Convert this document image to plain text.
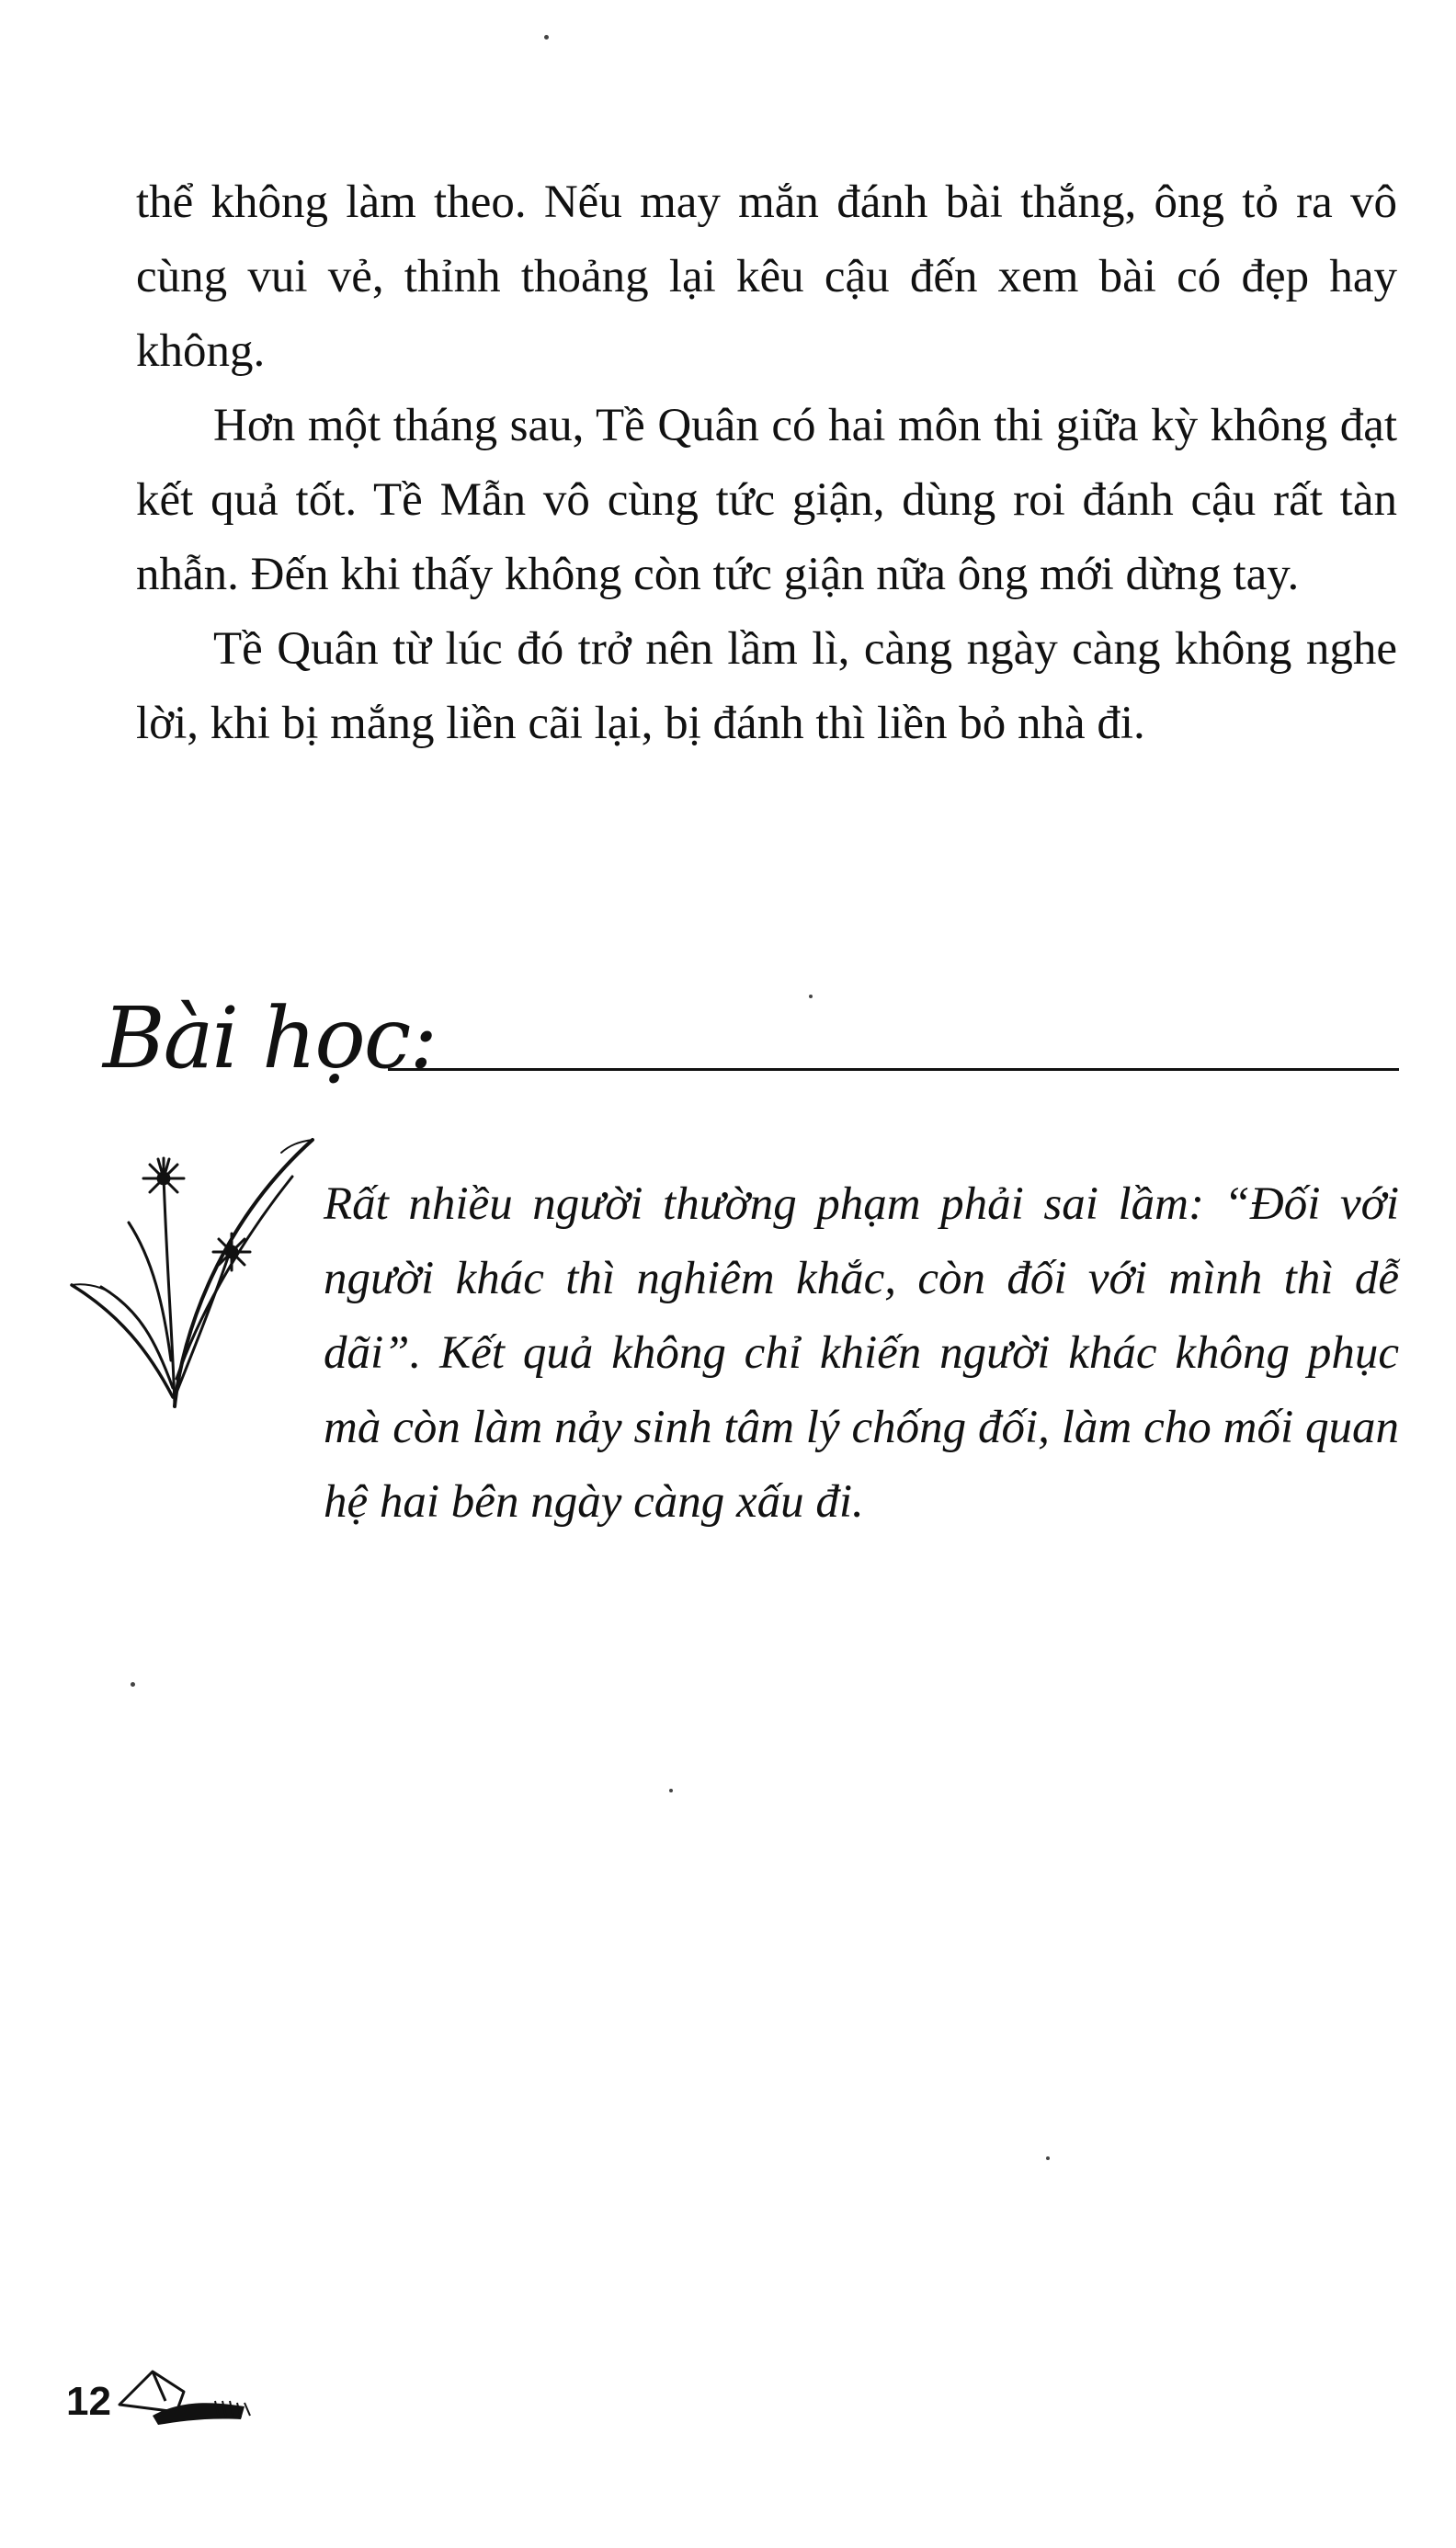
thể không làm theo. Nếu may mắn đánh bài thắng, ông tỏ ra vô cùng vui vẻ, thỉnh thoảng lại kêu cậu đến xem bài có đẹp hay không.

Hơn một tháng sau, Tề Quân có hai môn thi giữa kỳ không đạt kết quả tốt. Tề Mẫn vô cùng tức giận, dùng roi đánh cậu rất tàn nhẫn. Đến khi thấy không còn tức giận nữa ông mới dừng tay.

Tề Quân từ lúc đó trở nên lầm lì, càng ngày càng không nghe lời, khi bị mắng liền cãi lại, bị đánh thì liền bỏ nhà đi.

Bài học:

Rất nhiều người thường phạm phải sai lầm: “Đối với người khác thì nghiêm khắc, còn đối với mình thì dễ dãi”. Kết quả không chỉ khiến người khác không phục mà còn làm nảy sinh tâm lý chống đối, làm cho mối quan hệ hai bên ngày càng xấu đi.

12
